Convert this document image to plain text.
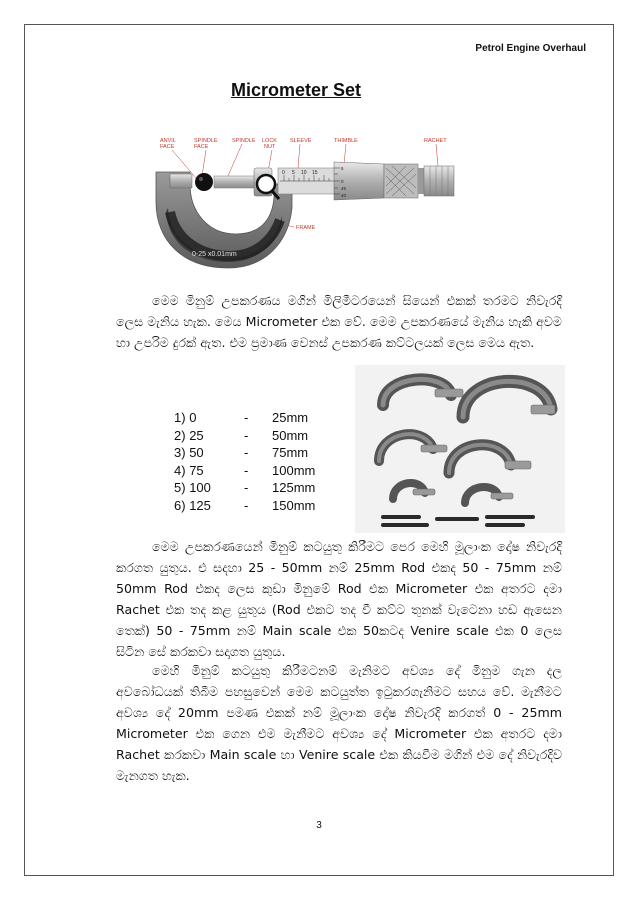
Petrol Engine Overhaul
Micrometer Set
ANVIL
FACE
SPINDLE
FACE
SPINDLE LOCK
NUT
SLEEVE	THIMBLE	RACHET
FRAME
0-25 x0.01mm
0 5 10 15
5
0
45
40
මෙම මිනුම් උපකරණය මගින් මිලිමීටරයෙන් සියෙන් එකක් තරමට නිවැරදි ලෙස මැනිය හැක. මෙය Micrometer එක වේ. මෙම උපකරණයේ මැනිය හැකි අවම හා උපරිම දුරක් ඇත. එම ප්‍රමාණ වෙනස් උපකරණ කට්ටලයක් ලෙස මෙය ඇත.
1) 0	-	25mm
2) 25	-	50mm
3) 50	-	75mm
4) 75	-	100mm
5) 100	-	125mm
6) 125	-	150mm
මෙම උපකරණයෙන් මිනුම් කටයුතු කිරීමට පෙර මෙහි මූලාංක දෝෂ නිවැරදි කරගත යුතුය. එ සදහා 25 - 50mm නම් 25mm Rod එකද 50 - 75mm නම් 50mm Rod එකද ලෙස කුඩා මිනුමේ Rod එක Micrometer එක අතරට දමා Rachet එක තද කළ යුතුය (Rod එකට තද වී කට්ට තුනක් වැටෙනා හඩ ඇසෙන තෙක්) 50 - 75mm නම් Main scale එක 50කටද Venire scale එක 0 ලෙස සිටින සේ කරකවා සදාගත යුතුය.
මෙහි මිනුම් කටයුතු කිරීමටනම් මැනිමට අවශ්‍ය දේ මිනුම ගැන දල අවබෝධයක් තිබීම පහසුවෙන් මෙම කටයුත්ත ඉටුකරගැනිමට සහය වේ. මැනීමට අවශ්‍ය දේ 20mm පමණ එකක් නම් මූලාංක දෝෂ නිවැරදි කරගත් 0 - 25mm Micrometer එක ගෙන එම මැනීමට අවශ්‍ය දේ Micrometer එක අතරට දමා Rachet කරකවා Main scale හා Venire scale එක කියවීම මගින් එම දේ නිවැරදිව මැනගත හැක.
3
